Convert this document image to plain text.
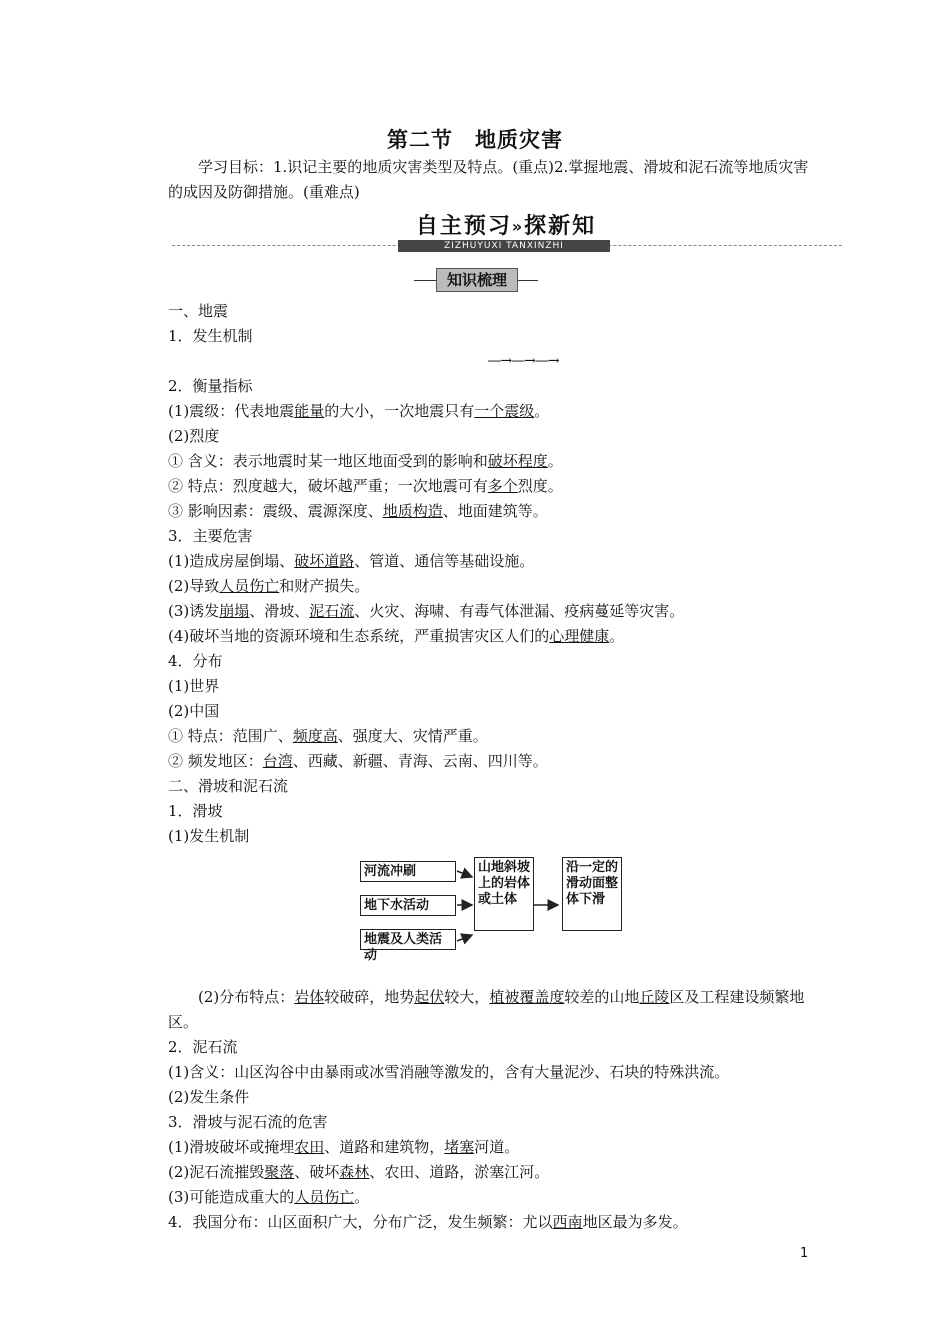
第二节 地质灾害
学习目标：1.识记主要的地质灾害类型及特点。(重点)2.掌握地震、滑坡和泥石流等地质灾害的成因及防御措施。(重难点)
自主预习»探新知
ZIZHUYUXI TANXINZHI
知识梳理
一、地震
1．发生机制
—→—→—→
2．衡量指标
(1)震级：代表地震能量的大小，一次地震只有一个震级。
(2)烈度
① 含义：表示地震时某一地区地面受到的影响和破坏程度。
② 特点：烈度越大，破坏越严重；一次地震可有多个烈度。
③ 影响因素：震级、震源深度、地质构造、地面建筑等。
3．主要危害
(1)造成房屋倒塌、破坏道路、管道、通信等基础设施。
(2)导致人员伤亡和财产损失。
(3)诱发崩塌、滑坡、泥石流、火灾、海啸、有毒气体泄漏、疫病蔓延等灾害。
(4)破坏当地的资源环境和生态系统，严重损害灾区人们的心理健康。
4．分布
(1)世界
(2)中国
① 特点：范围广、频度高、强度大、灾情严重。
② 频发地区：台湾、西藏、新疆、青海、云南、四川等。
二、滑坡和泥石流
1．滑坡
(1)发生机制
河流冲刷
地下水活动
地震及人类活动
山地斜坡上的岩体或土体
沿一定的滑动面整体下滑
(2)分布特点：岩体较破碎，地势起伏较大，植被覆盖度较差的山地丘陵区及工程建设频繁地区。
2．泥石流
(1)含义：山区沟谷中由暴雨或冰雪消融等激发的，含有大量泥沙、石块的特殊洪流。
(2)发生条件
3．滑坡与泥石流的危害
(1)滑坡破坏或掩埋农田、道路和建筑物，堵塞河道。
(2)泥石流摧毁聚落、破坏森林、农田、道路，淤塞江河。
(3)可能造成重大的人员伤亡。
4．我国分布：山区面积广大，分布广泛，发生频繁：尤以西南地区最为多发。
1
